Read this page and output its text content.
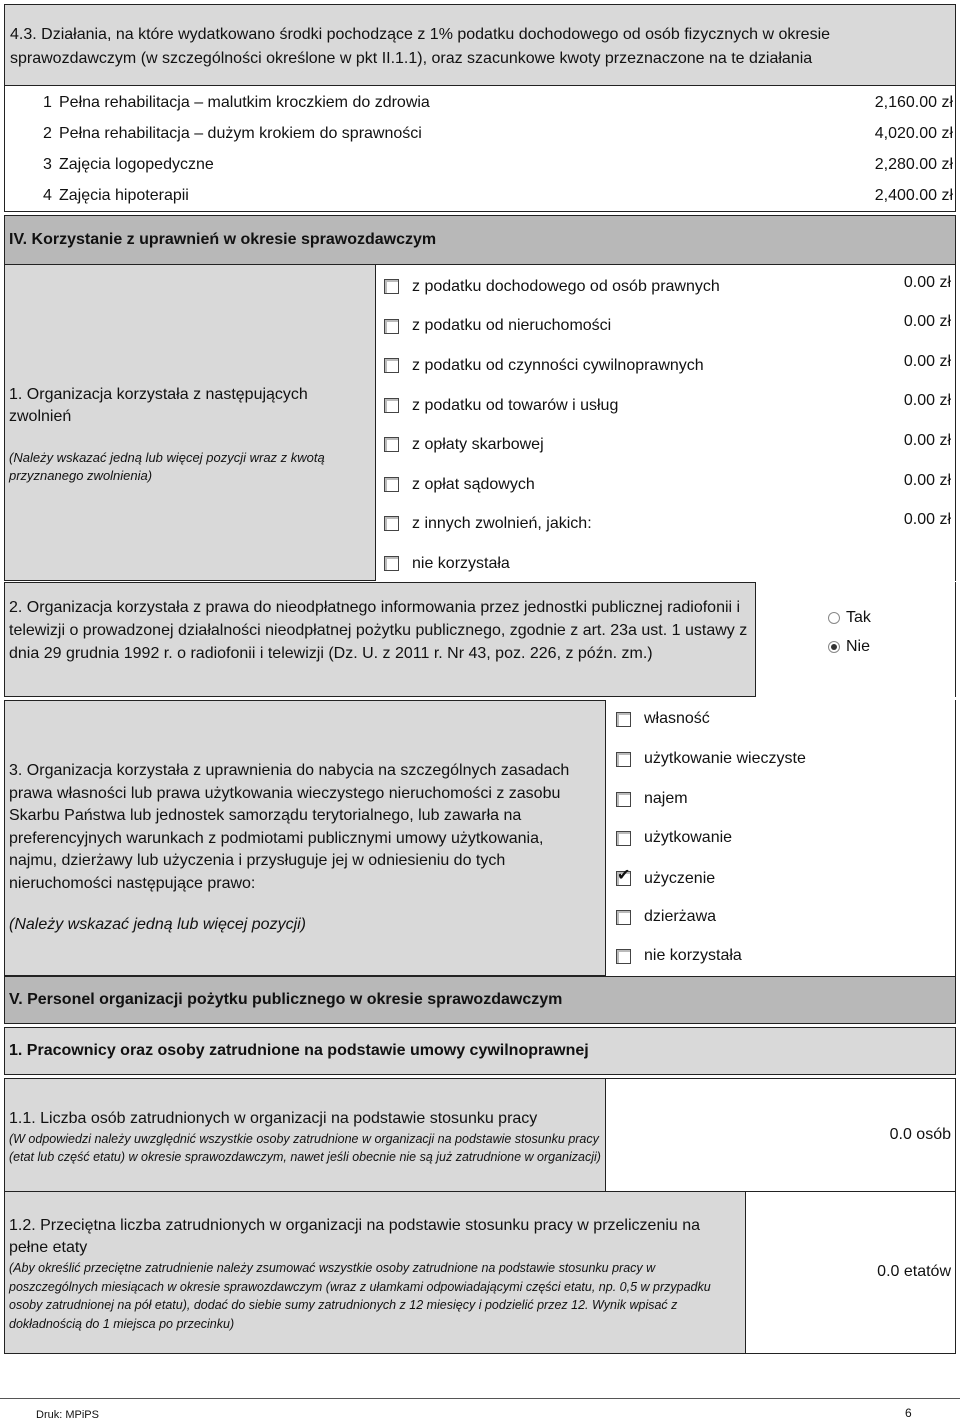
4.3. Działania, na które wydatkowano środki pochodzące z 1% podatku dochodowego od osób fizycznych w okresie sprawozdawczym (w szczególności określone w pkt II.1.1), oraz szacunkowe kwoty przeznaczone na te działania
1 Pełna rehabilitacja – malutkim kroczkiem do zdrowia	2,160.00 zł
2 Pełna rehabilitacja – dużym krokiem do sprawności	4,020.00 zł
3 Zajęcia logopedyczne	2,280.00 zł
4 Zajęcia hipoterapii	2,400.00 zł
IV. Korzystanie z uprawnień w okresie sprawozdawczym
1. Organizacja korzystała z następujących zwolnień
(Należy wskazać jedną lub więcej pozycji wraz z kwotą przyznanego zwolnienia)
z podatku dochodowego od osób prawnych	0.00 zł
z podatku od nieruchomości	0.00 zł
z podatku od czynności cywilnoprawnych	0.00 zł
z podatku od towarów i usług	0.00 zł
z opłaty skarbowej	0.00 zł
z opłat sądowych	0.00 zł
z innych zwolnień, jakich:	0.00 zł
nie korzystała
2. Organizacja korzystała z prawa do nieodpłatnego informowania przez jednostki publicznej radiofonii i telewizji o prowadzonej działalności nieodpłatnej pożytku publicznego, zgodnie z art. 23a ust. 1 ustawy z dnia 29 grudnia 1992 r. o radiofonii i telewizji (Dz. U. z 2011 r. Nr 43, poz. 226, z późn. zm.)
Tak
Nie
3. Organizacja korzystała z uprawnienia do nabycia na szczególnych zasadach prawa własności lub prawa użytkowania wieczystego nieruchomości z zasobu Skarbu Państwa lub jednostek samorządu terytorialnego, lub zawarła na preferencyjnych warunkach z podmiotami publicznymi umowy użytkowania, najmu, dzierżawy lub użyczenia i przysługuje jej w odniesieniu do tych nieruchomości następujące prawo:
(Należy wskazać jedną lub więcej pozycji)
własność
użytkowanie wieczyste
najem
użytkowanie
✔ użyczenie
dzierżawa
nie korzystała
V. Personel organizacji pożytku publicznego w okresie sprawozdawczym
1. Pracownicy oraz osoby zatrudnione na podstawie umowy cywilnoprawnej
1.1. Liczba osób zatrudnionych w organizacji na podstawie stosunku pracy
(W odpowiedzi należy uwzględnić wszystkie osoby zatrudnione w organizacji na podstawie stosunku pracy (etat lub część etatu) w okresie sprawozdawczym, nawet jeśli obecnie nie są już zatrudnione w organizacji)
0.0 osób
1.2. Przeciętna liczba zatrudnionych w organizacji na podstawie stosunku pracy w przeliczeniu na pełne etaty
(Aby określić przeciętne zatrudnienie należy zsumować wszystkie osoby zatrudnione na podstawie stosunku pracy w poszczególnych miesiącach w okresie sprawozdawczym (wraz z ułamkami odpowiadającymi części etatu, np. 0,5 w przypadku osoby zatrudnionej na pół etatu), dodać do siebie sumy zatrudnionych z 12 miesięcy i podzielić przez 12. Wynik wpisać z dokładnością do 1 miejsca po przecinku)
0.0 etatów
Druk: MPiPS	6
